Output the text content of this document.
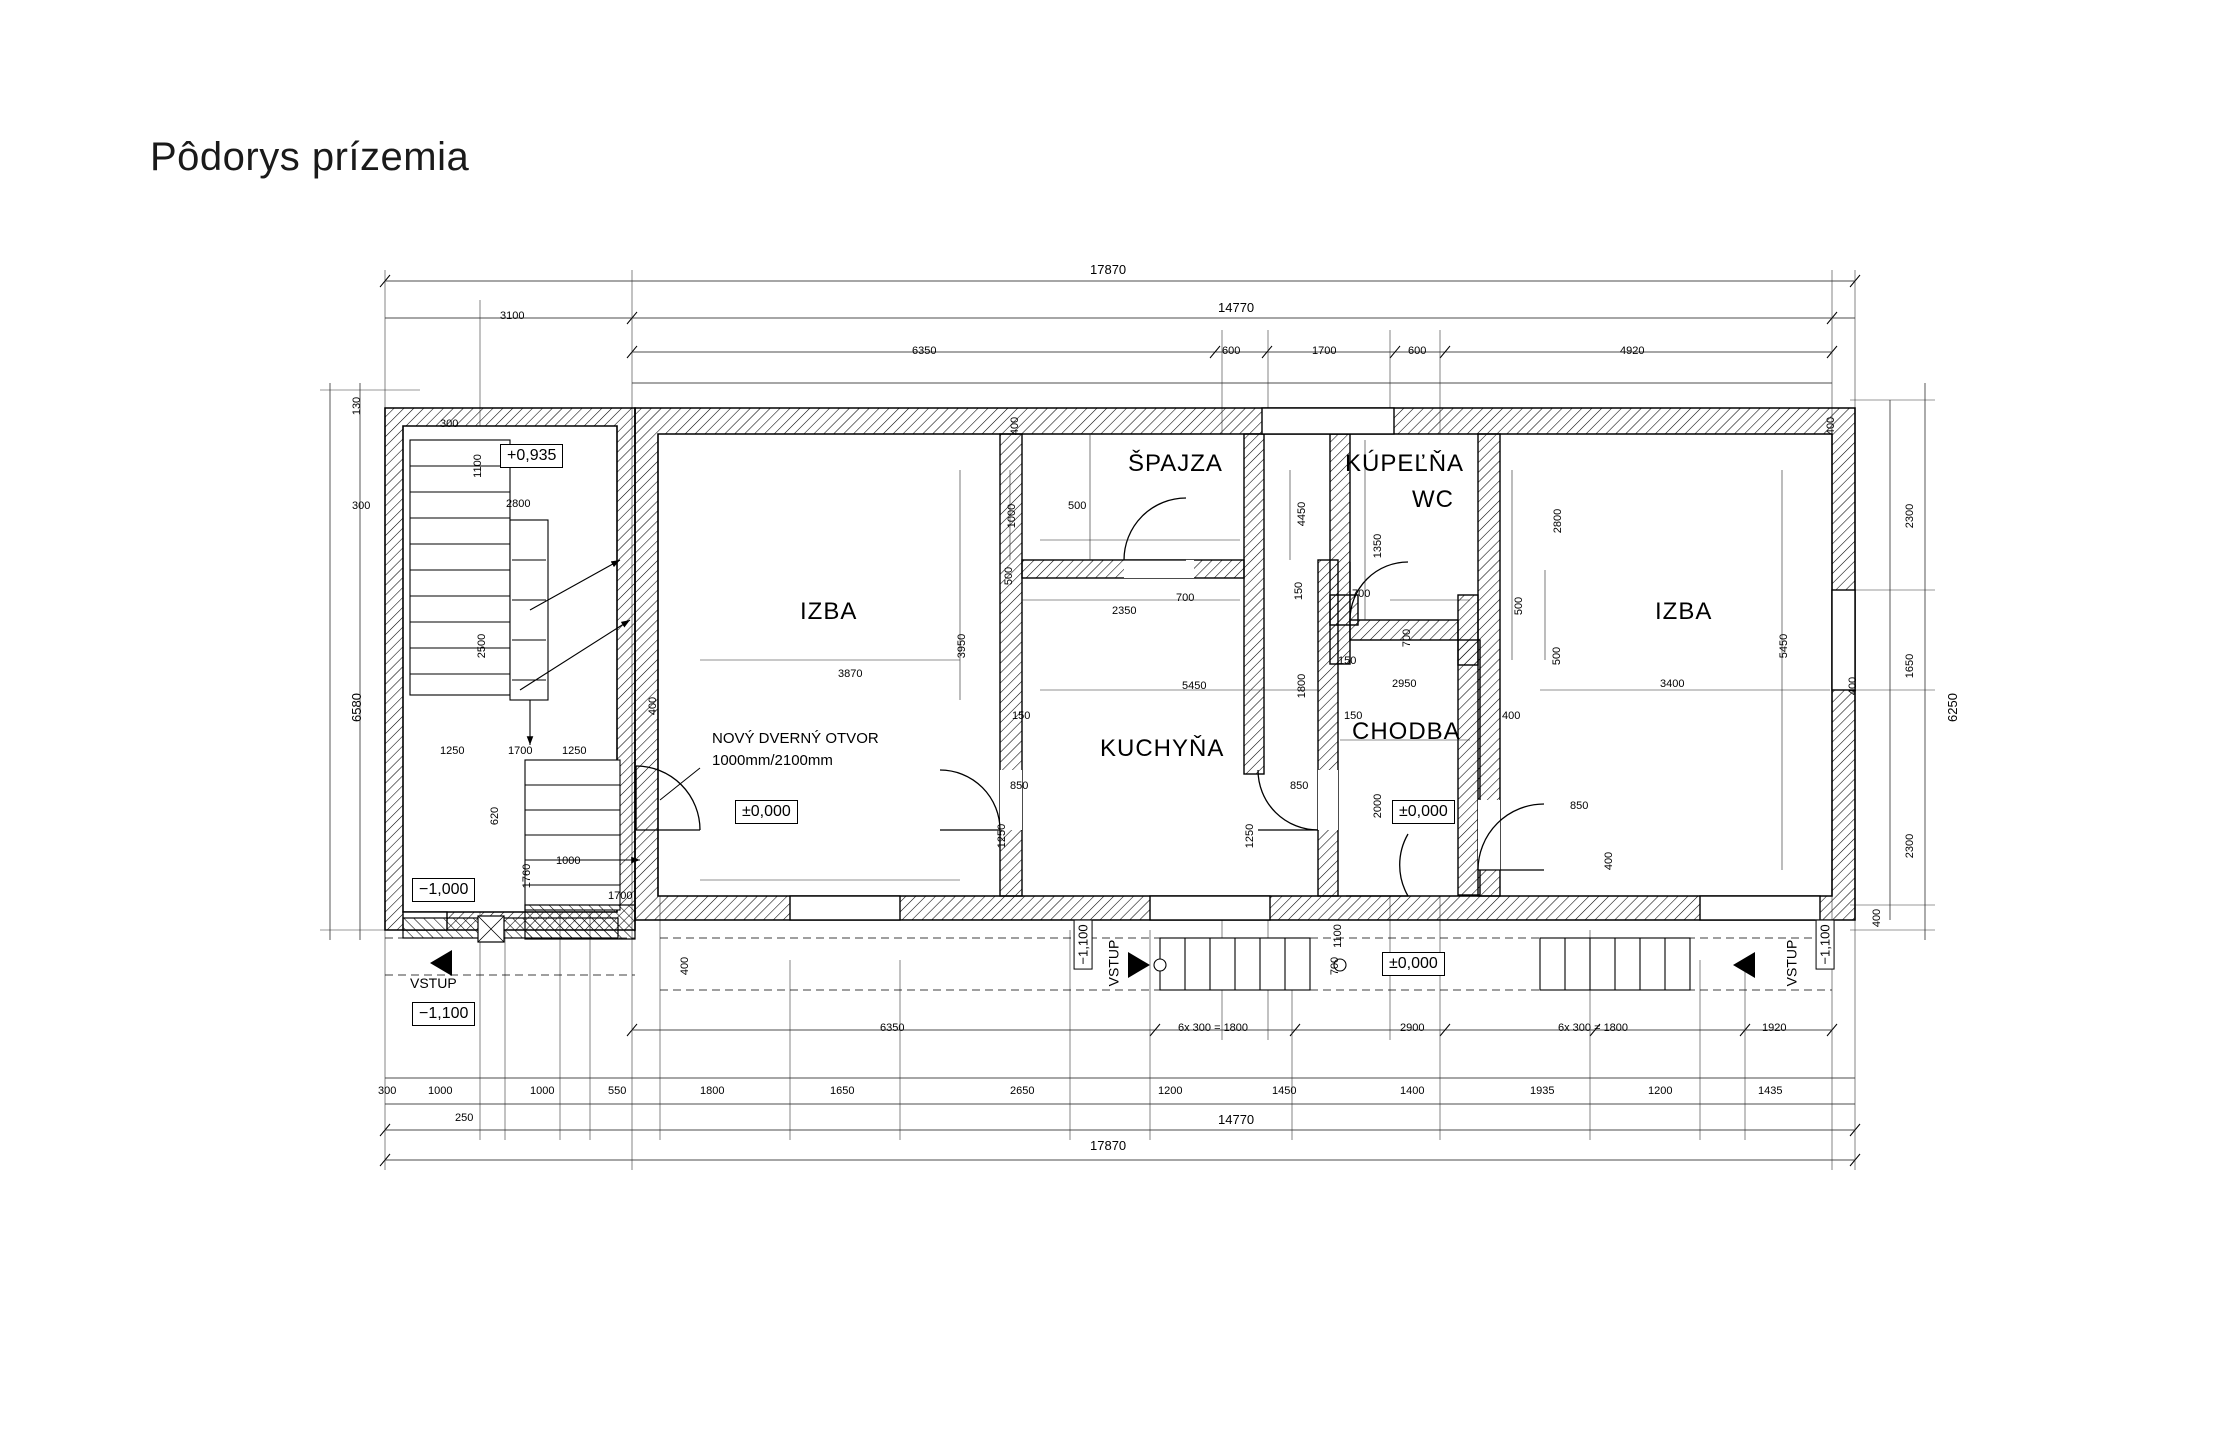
Pôdorys prízemia
IZBA
ŠPAJZA	KÚPEĽŇA
WC
KUCHYŇA
CHODBA
IZBA
+0,935
±0,000
−1,000
±0,000
−1,100
−1,100	±0,000	−1,100
VSTUP	VSTUP	VSTUP
NOVÝ DVERNÝ OTVOR
1000mm/2100mm
17870
14770
17870
14770
6580	6250
3100
6350	600	1700	600	4920
6350	6x 300 = 1800	2900	6x 300 = 1800	1920
300	1000	1000	550	1800	1650	2650	1200	1450	1400	1935	1200	1435
250
130
300	2300
1650
2300
400
2800
2500
1100
300
1250	1700	1250
620
1760
1000
1700
400
400
3870
3950
1000
500
500
2350
700
4450
150
1800
150
5450
1250	1250
850	850
1350
700
700
150
2950
150
2000
400
500
500
2800
850
400
3400
5450
400
400
400
700
1100
